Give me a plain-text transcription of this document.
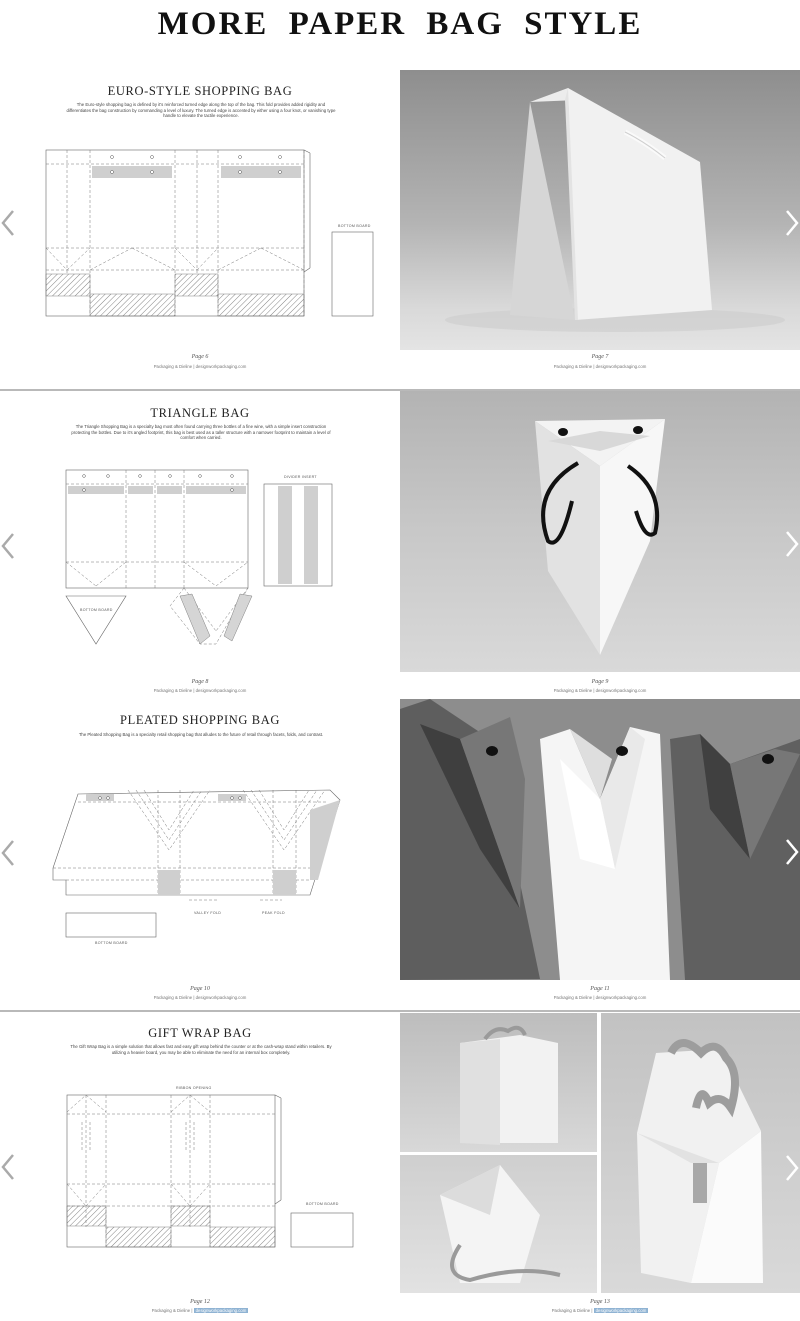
MORE PAPER BAG STYLE
EURO-STYLE SHOPPING BAG
The Euro-style shopping bag is defined by it's reinforced turned edge along the top of the bag. This fold provides added rigidity and differentiates the bag construction by commanding a level of luxury. The turned edge is accented by either using a four knot, or vanishing type handle to elevate the tactile experience.
BOTTOM BOARD
Page 6
Packaging & Dieline | designworkpackaging.com
Page 7
Packaging & Dieline | designworkpackaging.com
TRIANGLE BAG
The Triangle Shopping Bag is a specialty bag most often found carrying three bottles of a fine wine, with a simple insert construction protecting the bottles. Due to it's angled footprint, this bag is best used as a taller structure with a narrower footprint to maintain a level of comfort when carried.
DIVIDER INSERT
BOTTOM BOARD
Page 8
Packaging & Dieline | designworkpackaging.com
Page 9
Packaging & Dieline | designworkpackaging.com
PLEATED SHOPPING BAG
The Pleated Shopping Bag is a specialty retail shopping bag that alludes to the future of retail through facets, folds, and contrast.
VALLEY FOLD	PEAK FOLD
BOTTOM BOARD
Page 10
Packaging & Dieline | designworkpackaging.com
Page 11
Packaging & Dieline | designworkpackaging.com
GIFT WRAP BAG
The Gift Wrap Bag is a simple solution that allows fast and easy gift wrap behind the counter or at the cash-wrap stand within retailers. By utilizing a heavier board, you may be able to eliminate the need for an internal box completely.
RIBBON OPENING
BOTTOM BOARD
Page 12
Packaging & Dieline | designworkpackaging.com
Page 13
Packaging & Dieline | designworkpackaging.com
